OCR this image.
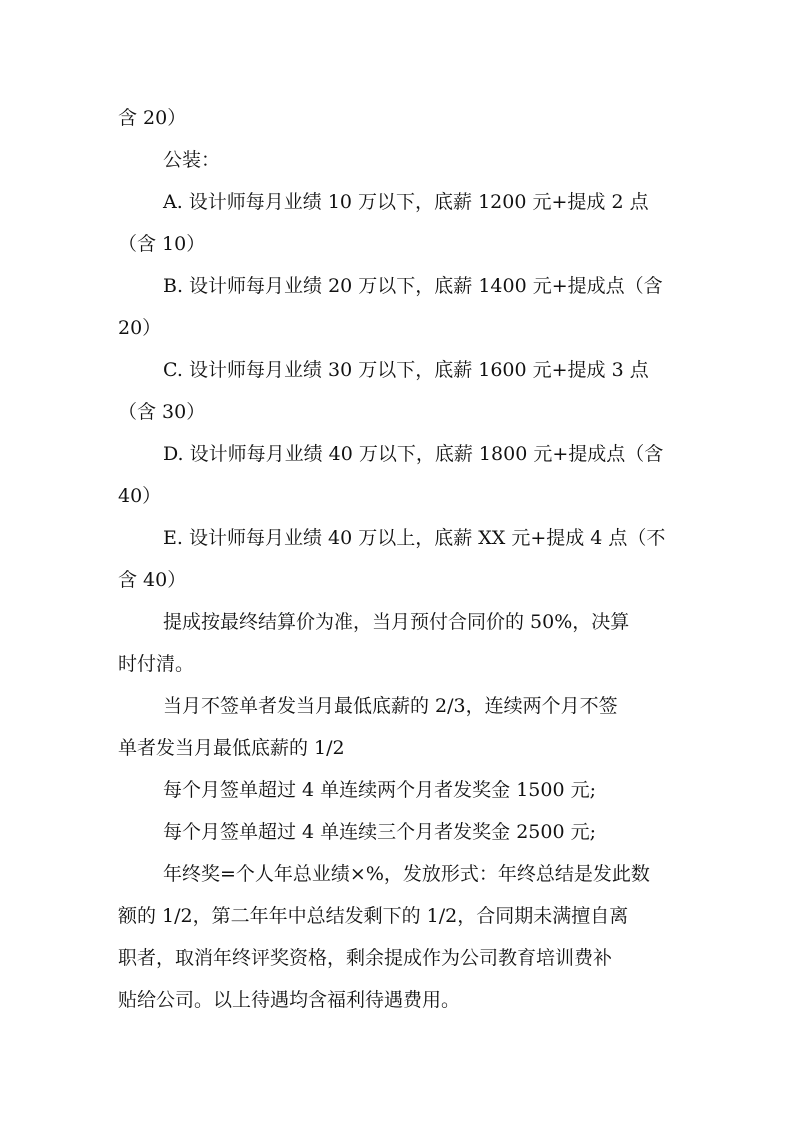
含 20）
公装：
A. 设计师每月业绩 10 万以下，底薪 1200 元+提成 2 点
（含 10）
B. 设计师每月业绩 20 万以下，底薪 1400 元+提成点（含
20）
C. 设计师每月业绩 30 万以下，底薪 1600 元+提成 3 点
（含 30）
D. 设计师每月业绩 40 万以下，底薪 1800 元+提成点（含
40）
E. 设计师每月业绩 40 万以上，底薪 XX 元+提成 4 点（不
含 40）
提成按最终结算价为准，当月预付合同价的 50%，决算
时付清。
当月不签单者发当月最低底薪的 2/3，连续两个月不签
单者发当月最低底薪的 1/2
每个月签单超过 4 单连续两个月者发奖金 1500 元;
每个月签单超过 4 单连续三个月者发奖金 2500 元;
年终奖=个人年总业绩×%，发放形式：年终总结是发此数
额的 1/2，第二年年中总结发剩下的 1/2，合同期未满擅自离
职者，取消年终评奖资格，剩余提成作为公司教育培训费补
贴给公司。以上待遇均含福利待遇费用。
